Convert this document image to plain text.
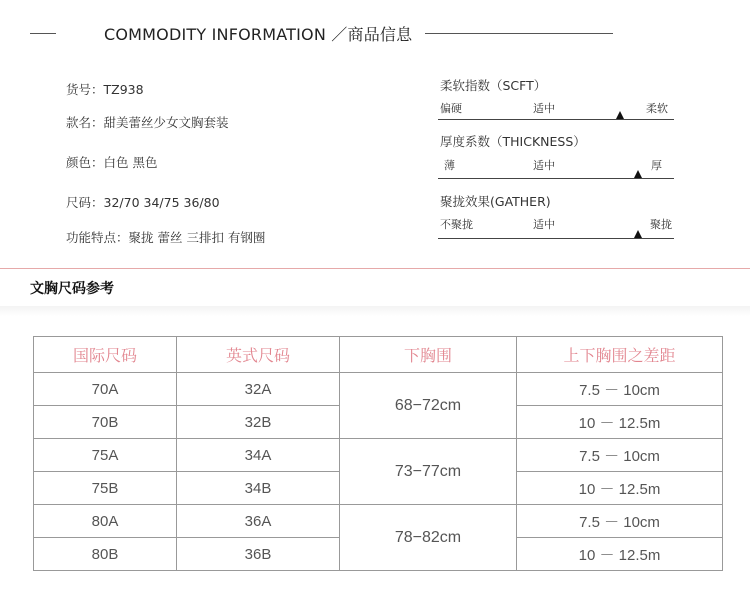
COMMODITY INFORMATION ／商品信息
货号：TZ938
款名：甜美蕾丝少女文胸套装
颜色：白色 黑色
尺码：32/70 34/75 36/80
功能特点：聚拢 蕾丝 三排扣 有钢圈
柔软指数（SCFT）
偏硬	适中	柔软
厚度系数（THICKNESS）
薄	适中	厚
聚拢效果(GATHER)
不聚拢	适中	聚拢
文胸尺码参考
国际尺码	英式尺码	下胸围	上下胸围之差距
70A	32A	68−72cm	7.5 － 10cm
70B	32B		10 － 12.5m
75A	34A	73−77cm	7.5 － 10cm
75B	34B		10 － 12.5m
80A	36A	78−82cm	7.5 － 10cm
80B	36B		10 － 12.5m
